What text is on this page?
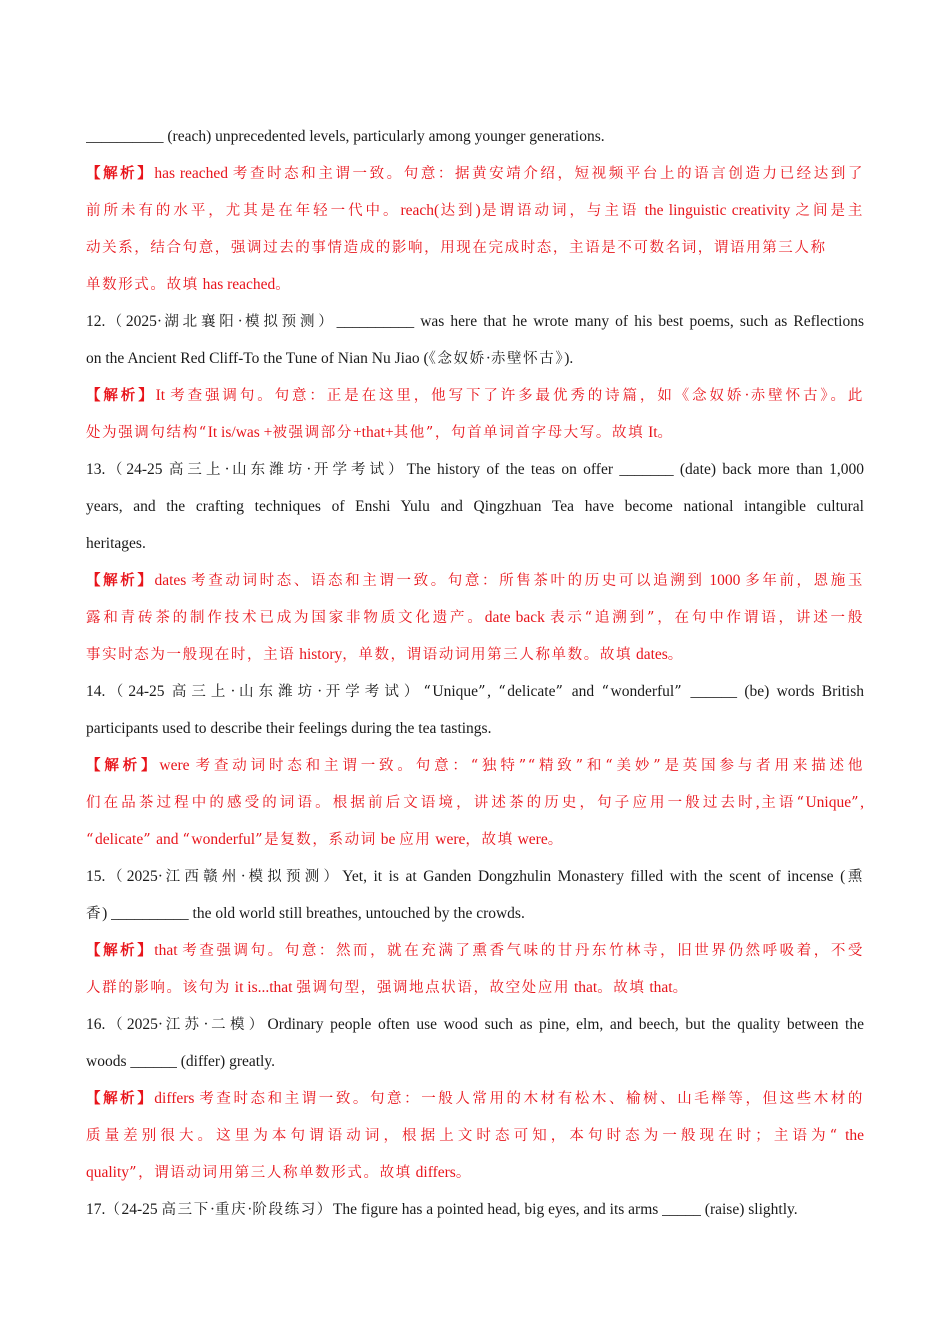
__________ (reach) unprecedented levels, particularly among younger generations.
【解析】has reached 考查时态和主谓一致。句意：据黄安靖介绍，短视频平台上的语言创造力已经达到了
前所未有的水平，尤其是在年轻一代中。reach(达到)是谓语动词，与主语 the linguistic creativity 之间是主
动关系，结合句意，强调过去的事情造成的影响，用现在完成时态，主语是不可数名词，谓语用第三人称
单数形式。故填 has reached。
12.（2025·湖北襄阳·模拟预测）__________ was here that he wrote many of his best poems, such as Reflections
on the Ancient Red Cliff-To the Tune of Nian Nu Jiao (《念奴娇·赤壁怀古》).
【解析】It 考查强调句。句意：正是在这里，他写下了许多最优秀的诗篇，如《念奴娇·赤壁怀古》。此
处为强调句结构“It is/was +被强调部分+that+其他”，句首单词首字母大写。故填 It。
13.（24-25 高三上·山东潍坊·开学考试）The history of the teas on offer _______ (date) back more than 1,000
years, and the crafting techniques of Enshi Yulu and Qingzhuan Tea have become national intangible cultural
heritages.
【解析】dates 考查动词时态、语态和主谓一致。句意：所售茶叶的历史可以追溯到 1000 多年前，恩施玉
露和青砖茶的制作技术已成为国家非物质文化遗产。date back 表示“追溯到”，在句中作谓语，讲述一般
事实时态为一般现在时，主语 history，单数，谓语动词用第三人称单数。故填 dates。
14.（24-25 高三上·山东潍坊·开学考试）“Unique”, “delicate” and “wonderful” ______ (be) words British
participants used to describe their feelings during the tea tastings.
【解析】were 考查动词时态和主谓一致。句意：“独特”“精致”和“美妙”是英国参与者用来描述他
们在品茶过程中的感受的词语。根据前后文语境，讲述茶的历史，句子应用一般过去时,主语“Unique”,
“delicate” and “wonderful”是复数，系动词 be 应用 were，故填 were。
15.（2025·江西赣州·模拟预测）Yet, it is at Ganden Dongzhulin Monastery filled with the scent of incense (熏
香) __________ the old world still breathes, untouched by the crowds.
【解析】that 考查强调句。句意：然而，就在充满了熏香气味的甘丹东竹林寺，旧世界仍然呼吸着，不受
人群的影响。该句为 it is...that 强调句型，强调地点状语，故空处应用 that。故填 that。
16.（2025·江苏·二模）Ordinary people often use wood such as pine, elm, and beech, but the quality between the
woods ______ (differ) greatly.
【解析】differs 考查时态和主谓一致。句意：一般人常用的木材有松木、榆树、山毛榉等，但这些木材的
质量差别很大。这里为本句谓语动词，根据上文时态可知，本句时态为一般现在时；主语为“ the
quality”，谓语动词用第三人称单数形式。故填 differs。
17.（24-25 高三下·重庆·阶段练习）The figure has a pointed head, big eyes, and its arms _____ (raise) slightly.
